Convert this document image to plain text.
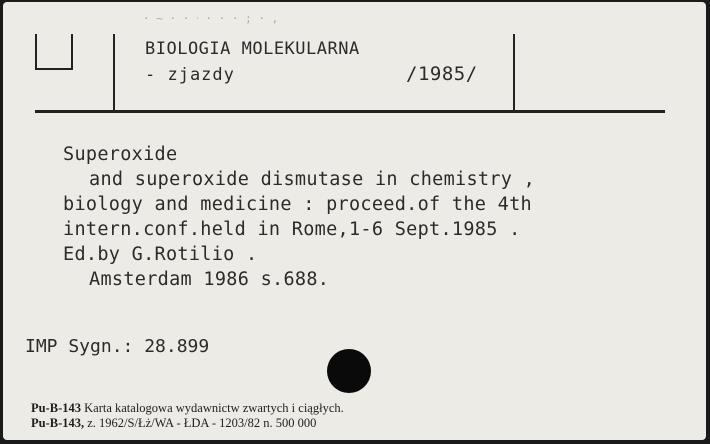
· ~ · · ᐧ · · · ; · ,
BIOLOGIA MOLEKULARNA
- zjazdy	/1985/
Superoxide
and superoxide dismutase in chemistry ,
biology and medicine : proceed.of the 4th
intern.conf.held in Rome,1-6 Sept.1985 .
Ed.by G.Rotilio .
Amsterdam 1986 s.688.
IMP Sygn.: 28.899
Pu-B-143 Karta katalogowa wydawnictw zwartych i ciągłych.
Pu-B-143, z. 1962/S/Łż/WA - ŁDA - 1203/82 n. 500 000
